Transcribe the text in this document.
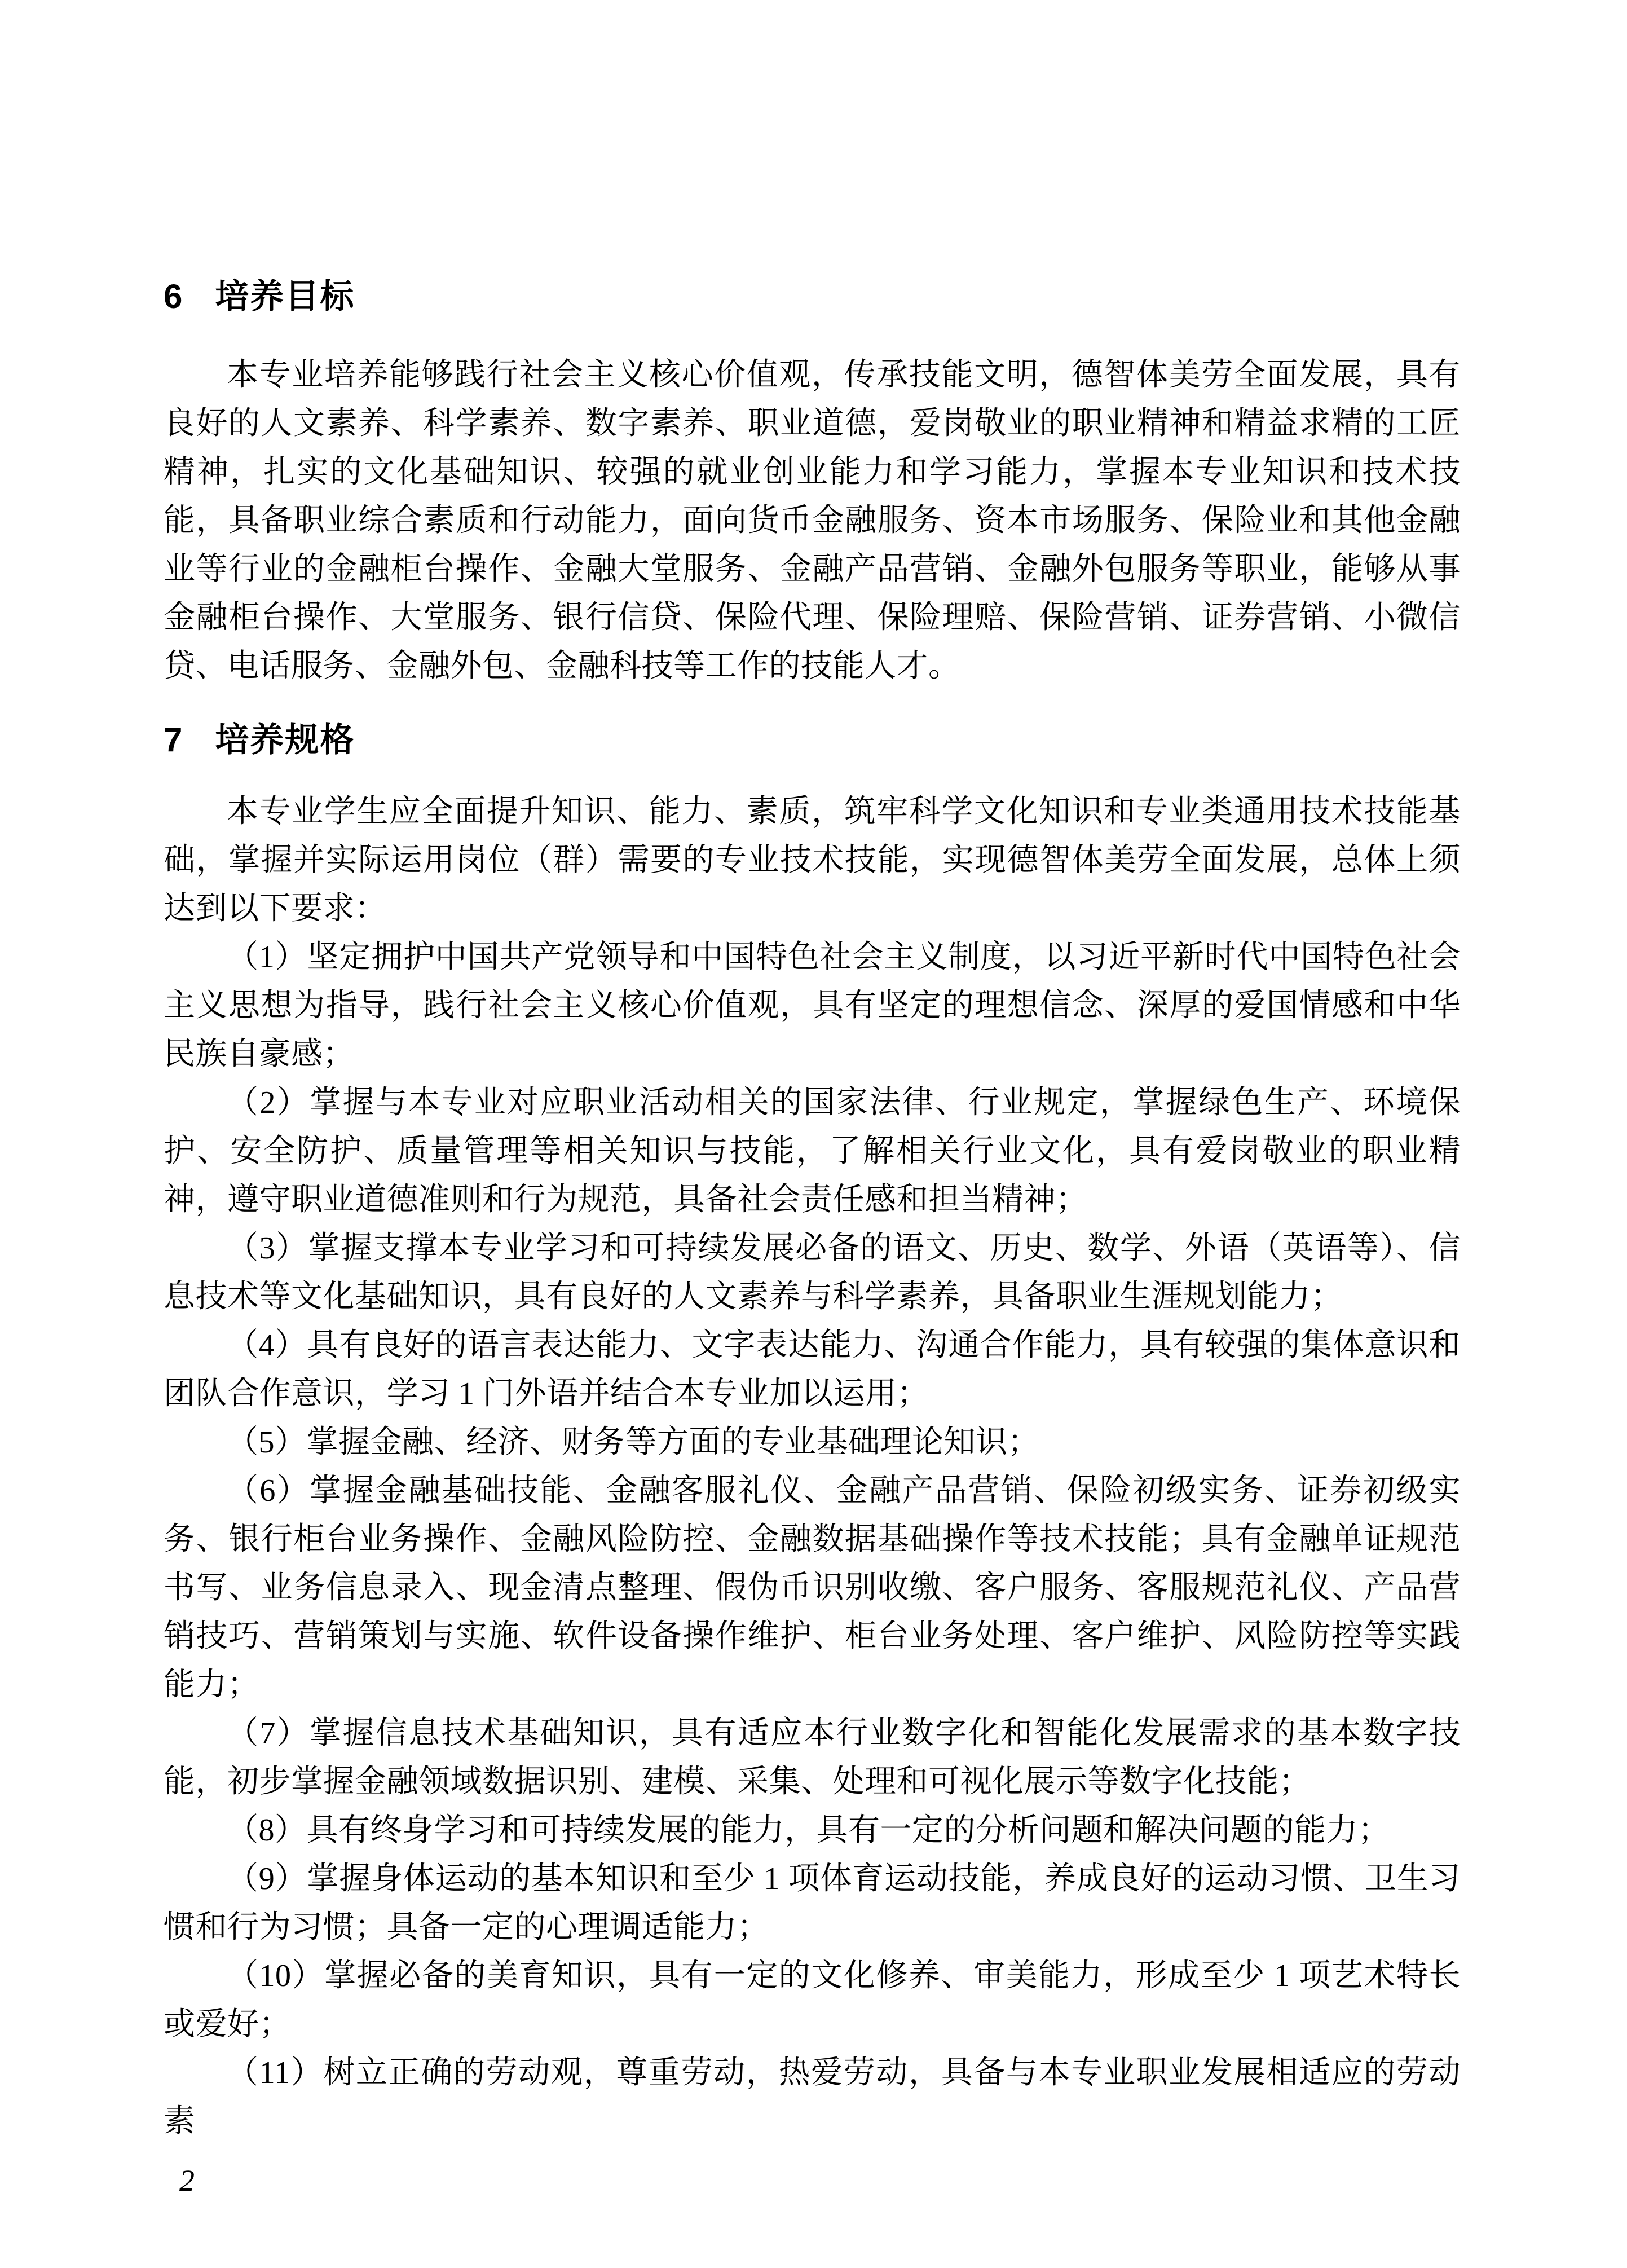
6 培养目标

本专业培养能够践行社会主义核心价值观，传承技能文明，德智体美劳全面发展，具有良好的人文素养、科学素养、数字素养、职业道德，爱岗敬业的职业精神和精益求精的工匠精神，扎实的文化基础知识、较强的就业创业能力和学习能力，掌握本专业知识和技术技能，具备职业综合素质和行动能力，面向货币金融服务、资本市场服务、保险业和其他金融业等行业的金融柜台操作、金融大堂服务、金融产品营销、金融外包服务等职业，能够从事金融柜台操作、大堂服务、银行信贷、保险代理、保险理赔、保险营销、证券营销、小微信贷、电话服务、金融外包、金融科技等工作的技能人才。

7 培养规格

本专业学生应全面提升知识、能力、素质，筑牢科学文化知识和专业类通用技术技能基础，掌握并实际运用岗位（群）需要的专业技术技能，实现德智体美劳全面发展，总体上须达到以下要求：

（1）坚定拥护中国共产党领导和中国特色社会主义制度，以习近平新时代中国特色社会主义思想为指导，践行社会主义核心价值观，具有坚定的理想信念、深厚的爱国情感和中华民族自豪感；

（2）掌握与本专业对应职业活动相关的国家法律、行业规定，掌握绿色生产、环境保护、安全防护、质量管理等相关知识与技能，了解相关行业文化，具有爱岗敬业的职业精神，遵守职业道德准则和行为规范，具备社会责任感和担当精神；

（3）掌握支撑本专业学习和可持续发展必备的语文、历史、数学、外语（英语等）、信息技术等文化基础知识，具有良好的人文素养与科学素养，具备职业生涯规划能力；

（4）具有良好的语言表达能力、文字表达能力、沟通合作能力，具有较强的集体意识和团队合作意识，学习 1 门外语并结合本专业加以运用；

（5）掌握金融、经济、财务等方面的专业基础理论知识；

（6）掌握金融基础技能、金融客服礼仪、金融产品营销、保险初级实务、证券初级实务、银行柜台业务操作、金融风险防控、金融数据基础操作等技术技能；具有金融单证规范书写、业务信息录入、现金清点整理、假伪币识别收缴、客户服务、客服规范礼仪、产品营销技巧、营销策划与实施、软件设备操作维护、柜台业务处理、客户维护、风险防控等实践能力；

（7）掌握信息技术基础知识，具有适应本行业数字化和智能化发展需求的基本数字技能，初步掌握金融领域数据识别、建模、采集、处理和可视化展示等数字化技能；

（8）具有终身学习和可持续发展的能力，具有一定的分析问题和解决问题的能力；

（9）掌握身体运动的基本知识和至少 1 项体育运动技能，养成良好的运动习惯、卫生习惯和行为习惯；具备一定的心理调适能力；

（10）掌握必备的美育知识，具有一定的文化修养、审美能力，形成至少 1 项艺术特长或爱好；

（11）树立正确的劳动观，尊重劳动，热爱劳动，具备与本专业职业发展相适应的劳动素

2
